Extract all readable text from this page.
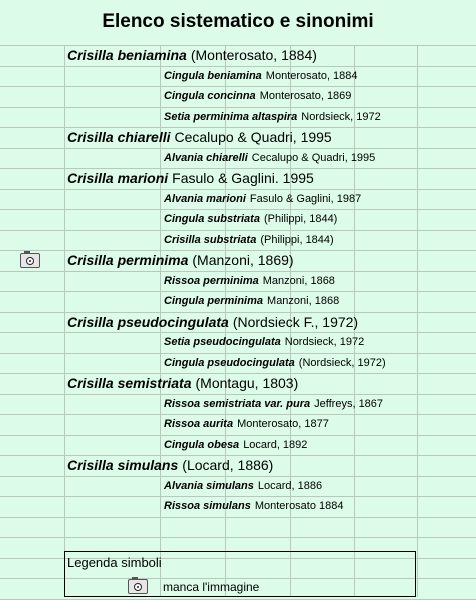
Elenco sistematico e sinonimi
Crisilla beniamina (Monterosato, 1884)
Cingula beniamina Monterosato, 1884
Cingula concinna Monterosato, 1869
Setia perminima altaspira Nordsieck, 1972
Crisilla chiarelli Cecalupo & Quadri, 1995
Alvania chiarelli Cecalupo & Quadri, 1995
Crisilla marioni Fasulo & Gaglini. 1995
Alvania marioni Fasulo & Gaglini, 1987
Cingula substriata (Philippi, 1844)
Crisilla substriata (Philippi, 1844)
Crisilla perminima (Manzoni, 1869)
Rissoa perminima Manzoni, 1868
Cingula perminima Manzoni, 1868
Crisilla pseudocingulata (Nordsieck F., 1972)
Setia pseudocingulata Nordsieck, 1972
Cingula pseudocingulata (Nordsieck, 1972)
Crisilla semistriata (Montagu, 1803)
Rissoa semistriata var. pura Jeffreys, 1867
Rissoa aurita Monterosato, 1877
Cingula obesa Locard, 1892
Crisilla simulans (Locard, 1886)
Alvania simulans Locard, 1886
Rissoa simulans Monterosato 1884
Legenda simboli
manca l'immagine
